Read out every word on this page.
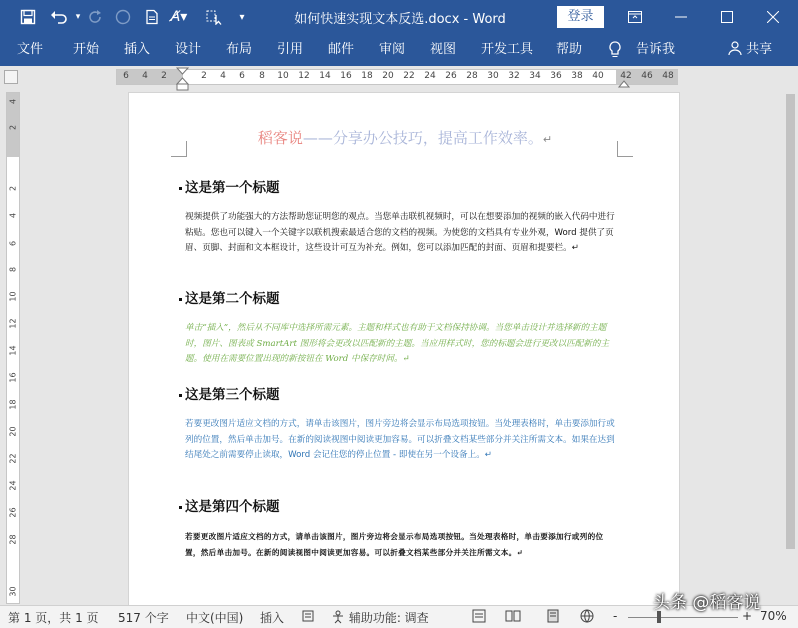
▾	A̸▾	▾	如何快速实现文本反选.docx - Word	登录
文件 开始 插入 设计 布局 引用 邮件 审阅 视图 开发工具 帮助	告诉我	共享
6 4 2	2 4 6 8 10 12 14 16 18 20 22 24 26 28 30 32 34 36 38 40 42 46 48
4
2
2
4
6
8
10
12
14
16
18
20
22
24
26
28
30
稻客说——分享办公技巧，提高工作效率。↵
这是第一个标题
视频提供了功能强大的方法帮助您证明您的观点。当您单击联机视频时，可以在想要添加的视频的嵌入代码中进行粘贴。您也可以键入一个关键字以联机搜索最适合您的文档的视频。为使您的文档具有专业外观，Word 提供了页眉、页脚、封面和文本框设计，这些设计可互为补充。例如，您可以添加匹配的封面、页眉和提要栏。↵
这是第二个标题
单击“插入”，然后从不同库中选择所需元素。主题和样式也有助于文档保持协调。当您单击设计并选择新的主题时，图片、图表或 SmartArt 图形将会更改以匹配新的主题。当应用样式时，您的标题会进行更改以匹配新的主题。使用在需要位置出现的新按钮在 Word 中保存时间。↵
这是第三个标题
若要更改图片适应文档的方式，请单击该图片，图片旁边将会显示布局选项按钮。当处理表格时，单击要添加行或列的位置，然后单击加号。在新的阅读视图中阅读更加容易。可以折叠文档某些部分并关注所需文本。如果在达到结尾处之前需要停止读取，Word 会记住您的停止位置 - 即使在另一个设备上。↵
这是第四个标题
若要更改图片适应文档的方式，请单击该图片，图片旁边将会显示布局选项按钮。当处理表格时，单击要添加行或列的位置，然后单击加号。在新的阅读视图中阅读更加容易。可以折叠文档某些部分并关注所需文本。↵
第 1 页，共 1 页 517 个字 中文(中国) 插入	辅助功能: 调查	-	+ 70%
头条 @稻客说
